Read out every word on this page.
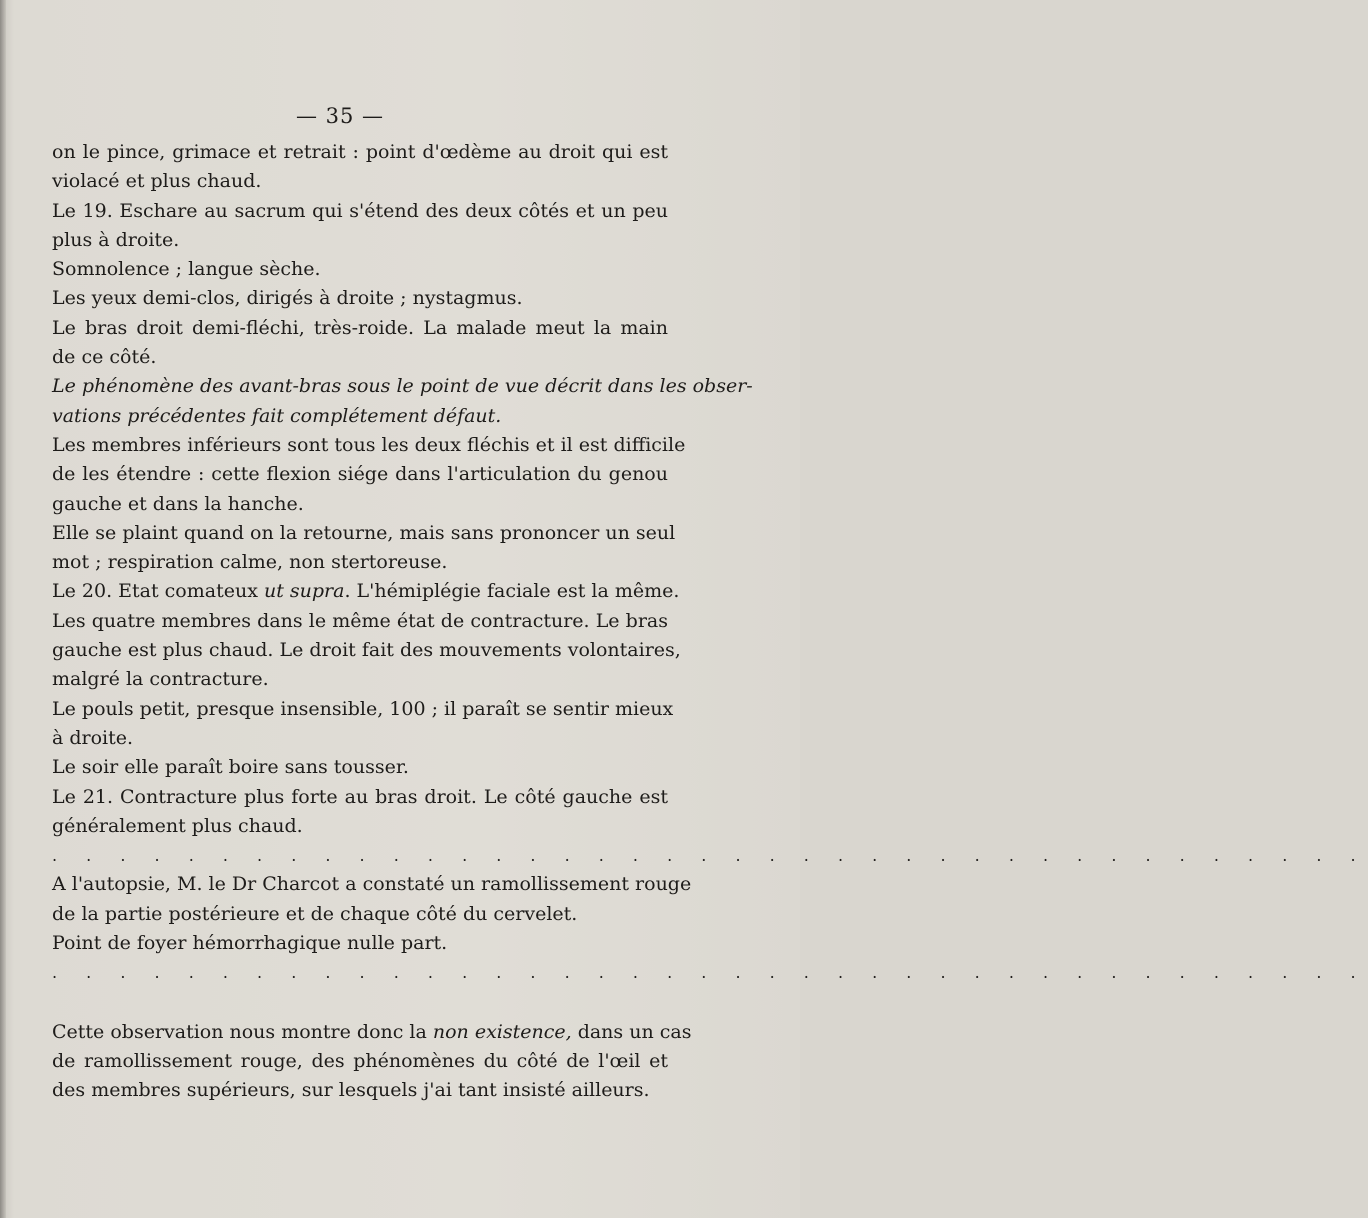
— 35 —
on le pince, grimace et retrait : point d'œdème au droit qui est
violacé et plus chaud.
Le 19. Eschare au sacrum qui s'étend des deux côtés et un peu
plus à droite.
Somnolence ; langue sèche.
Les yeux demi-clos, dirigés à droite ; nystagmus.
Le bras droit demi-fléchi, très-roide. La malade meut la main
de ce côté.
Le phénomène des avant-bras sous le point de vue décrit dans les obser-
vations précédentes fait complétement défaut.
Les membres inférieurs sont tous les deux fléchis et il est difficile
de les étendre : cette flexion siége dans l'articulation du genou
gauche et dans la hanche.
Elle se plaint quand on la retourne, mais sans prononcer un seul
mot ; respiration calme, non stertoreuse.
Le 20. Etat comateux ut supra. L'hémiplégie faciale est la même.
Les quatre membres dans le même état de contracture. Le bras
gauche est plus chaud. Le droit fait des mouvements volontaires,
malgré la contracture.
Le pouls petit, presque insensible, 100 ; il paraît se sentir mieux
à droite.
Le soir elle paraît boire sans tousser.
Le 21. Contracture plus forte au bras droit. Le côté gauche est
généralement plus chaud.
. . . . . . . . . . . . . . . . . . . . . . . . . . . . . . . . . . . . . . .
A l'autopsie, M. le Dr Charcot a constaté un ramollissement rouge
de la partie postérieure et de chaque côté du cervelet.
Point de foyer hémorrhagique nulle part.
. . . . . . . . . . . . . . . . . . . . . . . . . . . . . . . . . . . . . . .
Cette observation nous montre donc la non existence, dans un cas
de ramollissement rouge, des phénomènes du côté de l'œil et
des membres supérieurs, sur lesquels j'ai tant insisté ailleurs.
